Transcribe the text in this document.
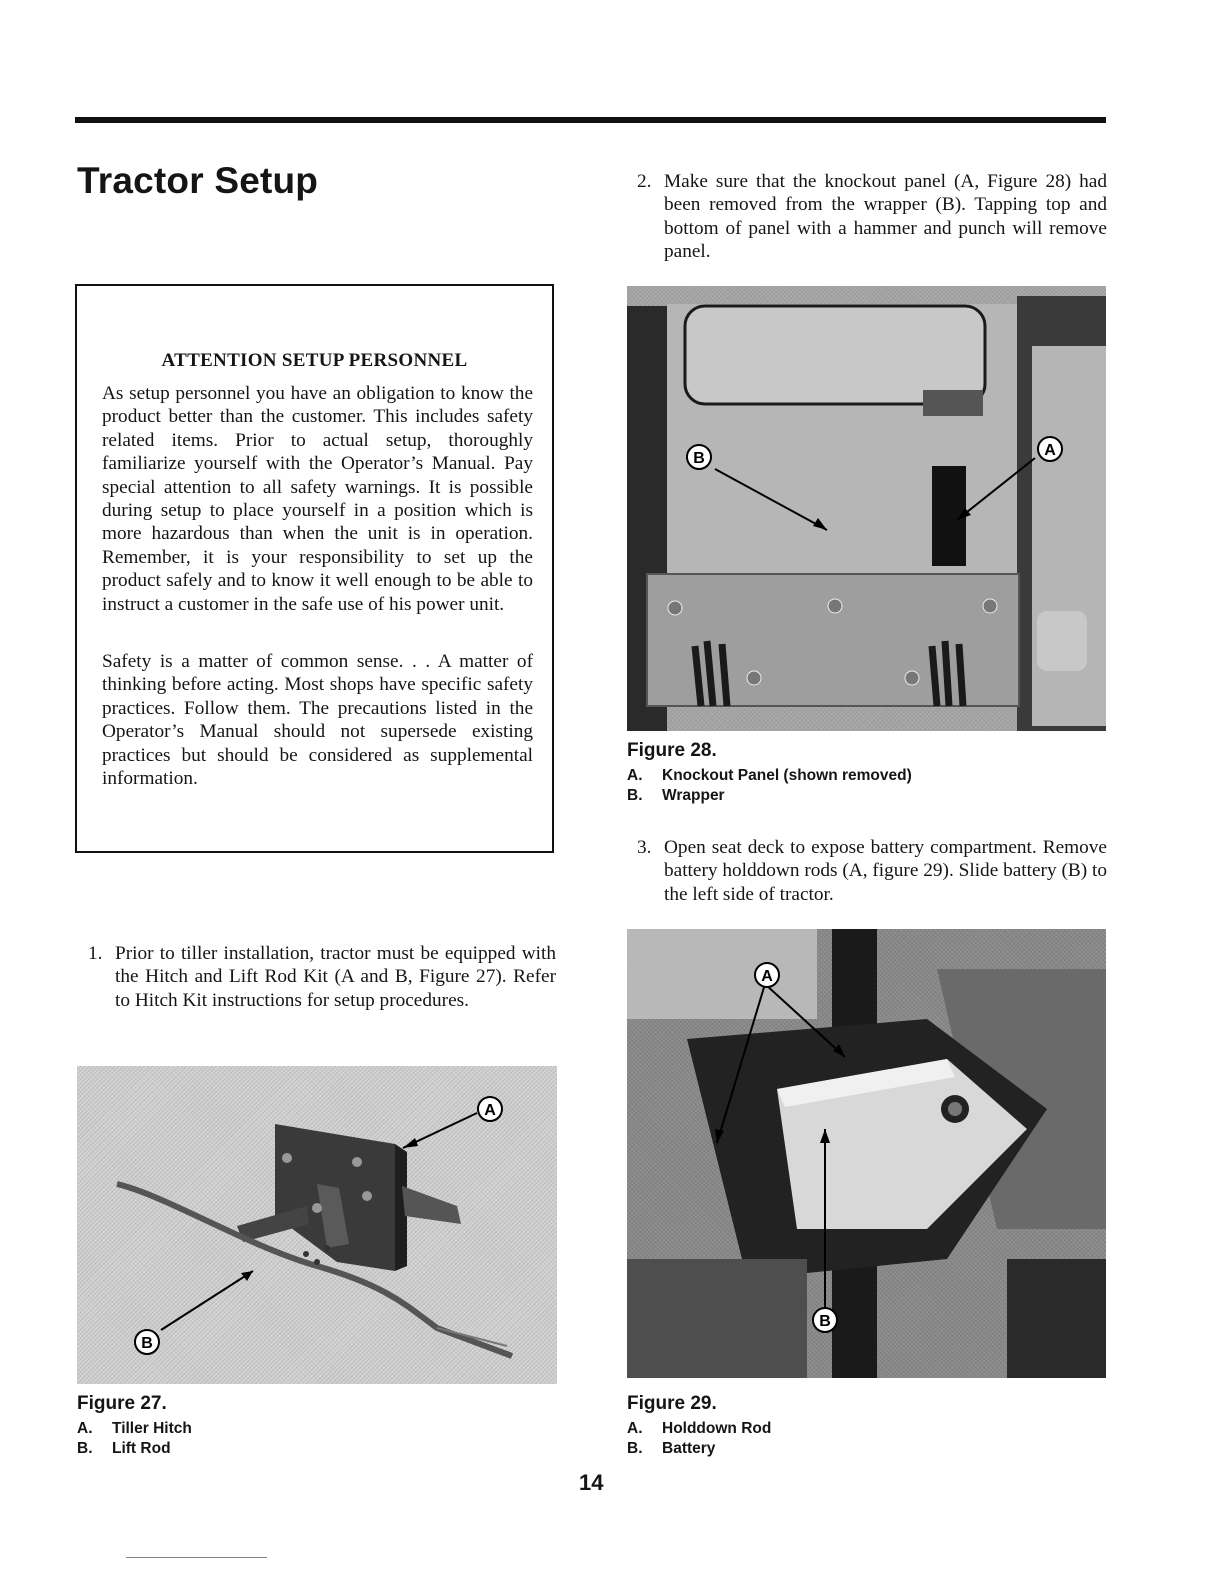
Tractor Setup
ATTENTION SETUP PERSONNEL

As setup personnel you have an obligation to know the product better than the customer. This includes safety related items. Prior to actual setup, thoroughly familiarize yourself with the Operator’s Manual. Pay special attention to all safety warnings. It is possible during setup to place yourself in a position which is more hazardous than when the unit is in operation. Remember, it is your responsibility to set up the product safely and to know it well enough to be able to instruct a customer in the safe use of his power unit.

Safety is a matter of common sense. . . A matter of thinking before acting. Most shops have specific safety practices. Follow them. The precautions listed in the Operator’s Manual should not supersede existing practices but should be considered as supplemental information.

1. Prior to tiller installation, tractor must be equipped with the Hitch and Lift Rod Kit (A and B, Figure 27). Refer to Hitch Kit instructions for setup procedures.
2. Make sure that the knockout panel (A, Figure 28) had been removed from the wrapper (B). Tapping top and bottom of panel with a hammer and punch will remove panel.
3. Open seat deck to expose battery compartment. Remove battery holddown rods (A, figure 29). Slide battery (B) to the left side of tractor.
A
B
Figure 27.
A. Tiller Hitch
B. Lift Rod
B	A
Figure 28.
A. Knockout Panel (shown removed)
B. Wrapper
A
B
Figure 29.
A. Holddown Rod
B. Battery
14
